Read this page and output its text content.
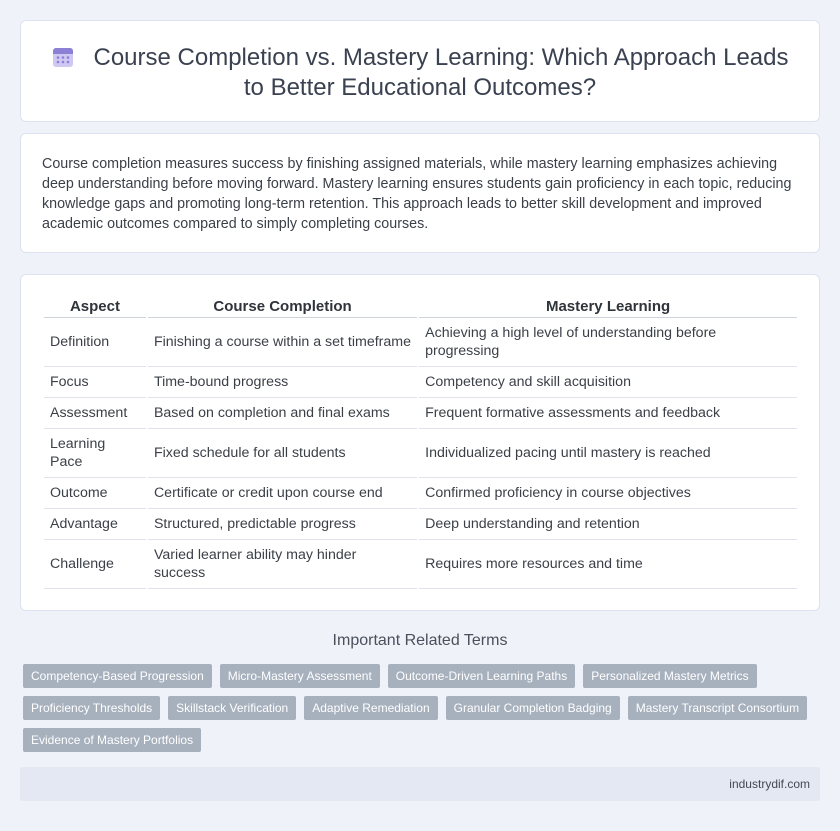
Course Completion vs. Mastery Learning: Which Approach Leads to Better Educational Outcomes?

Course completion measures success by finishing assigned materials, while mastery learning emphasizes achieving deep understanding before moving forward. Mastery learning ensures students gain proficiency in each topic, reducing knowledge gaps and promoting long-term retention. This approach leads to better skill development and improved academic outcomes compared to simply completing courses.

Aspect	Course Completion	Mastery Learning
Definition	Finishing a course within a set timeframe	Achieving a high level of understanding before progressing
Focus	Time-bound progress	Competency and skill acquisition
Assessment	Based on completion and final exams	Frequent formative assessments and feedback
Learning Pace	Fixed schedule for all students	Individualized pacing until mastery is reached
Outcome	Certificate or credit upon course end	Confirmed proficiency in course objectives
Advantage	Structured, predictable progress	Deep understanding and retention
Challenge	Varied learner ability may hinder success	Requires more resources and time
Important Related Terms
Competency-Based Progression	Micro-Mastery Assessment	Outcome-Driven Learning Paths	Personalized Mastery Metrics
Proficiency Thresholds	Skillstack Verification	Adaptive Remediation	Granular Completion Badging	Mastery Transcript Consortium
Evidence of Mastery Portfolios
industrydif.com
